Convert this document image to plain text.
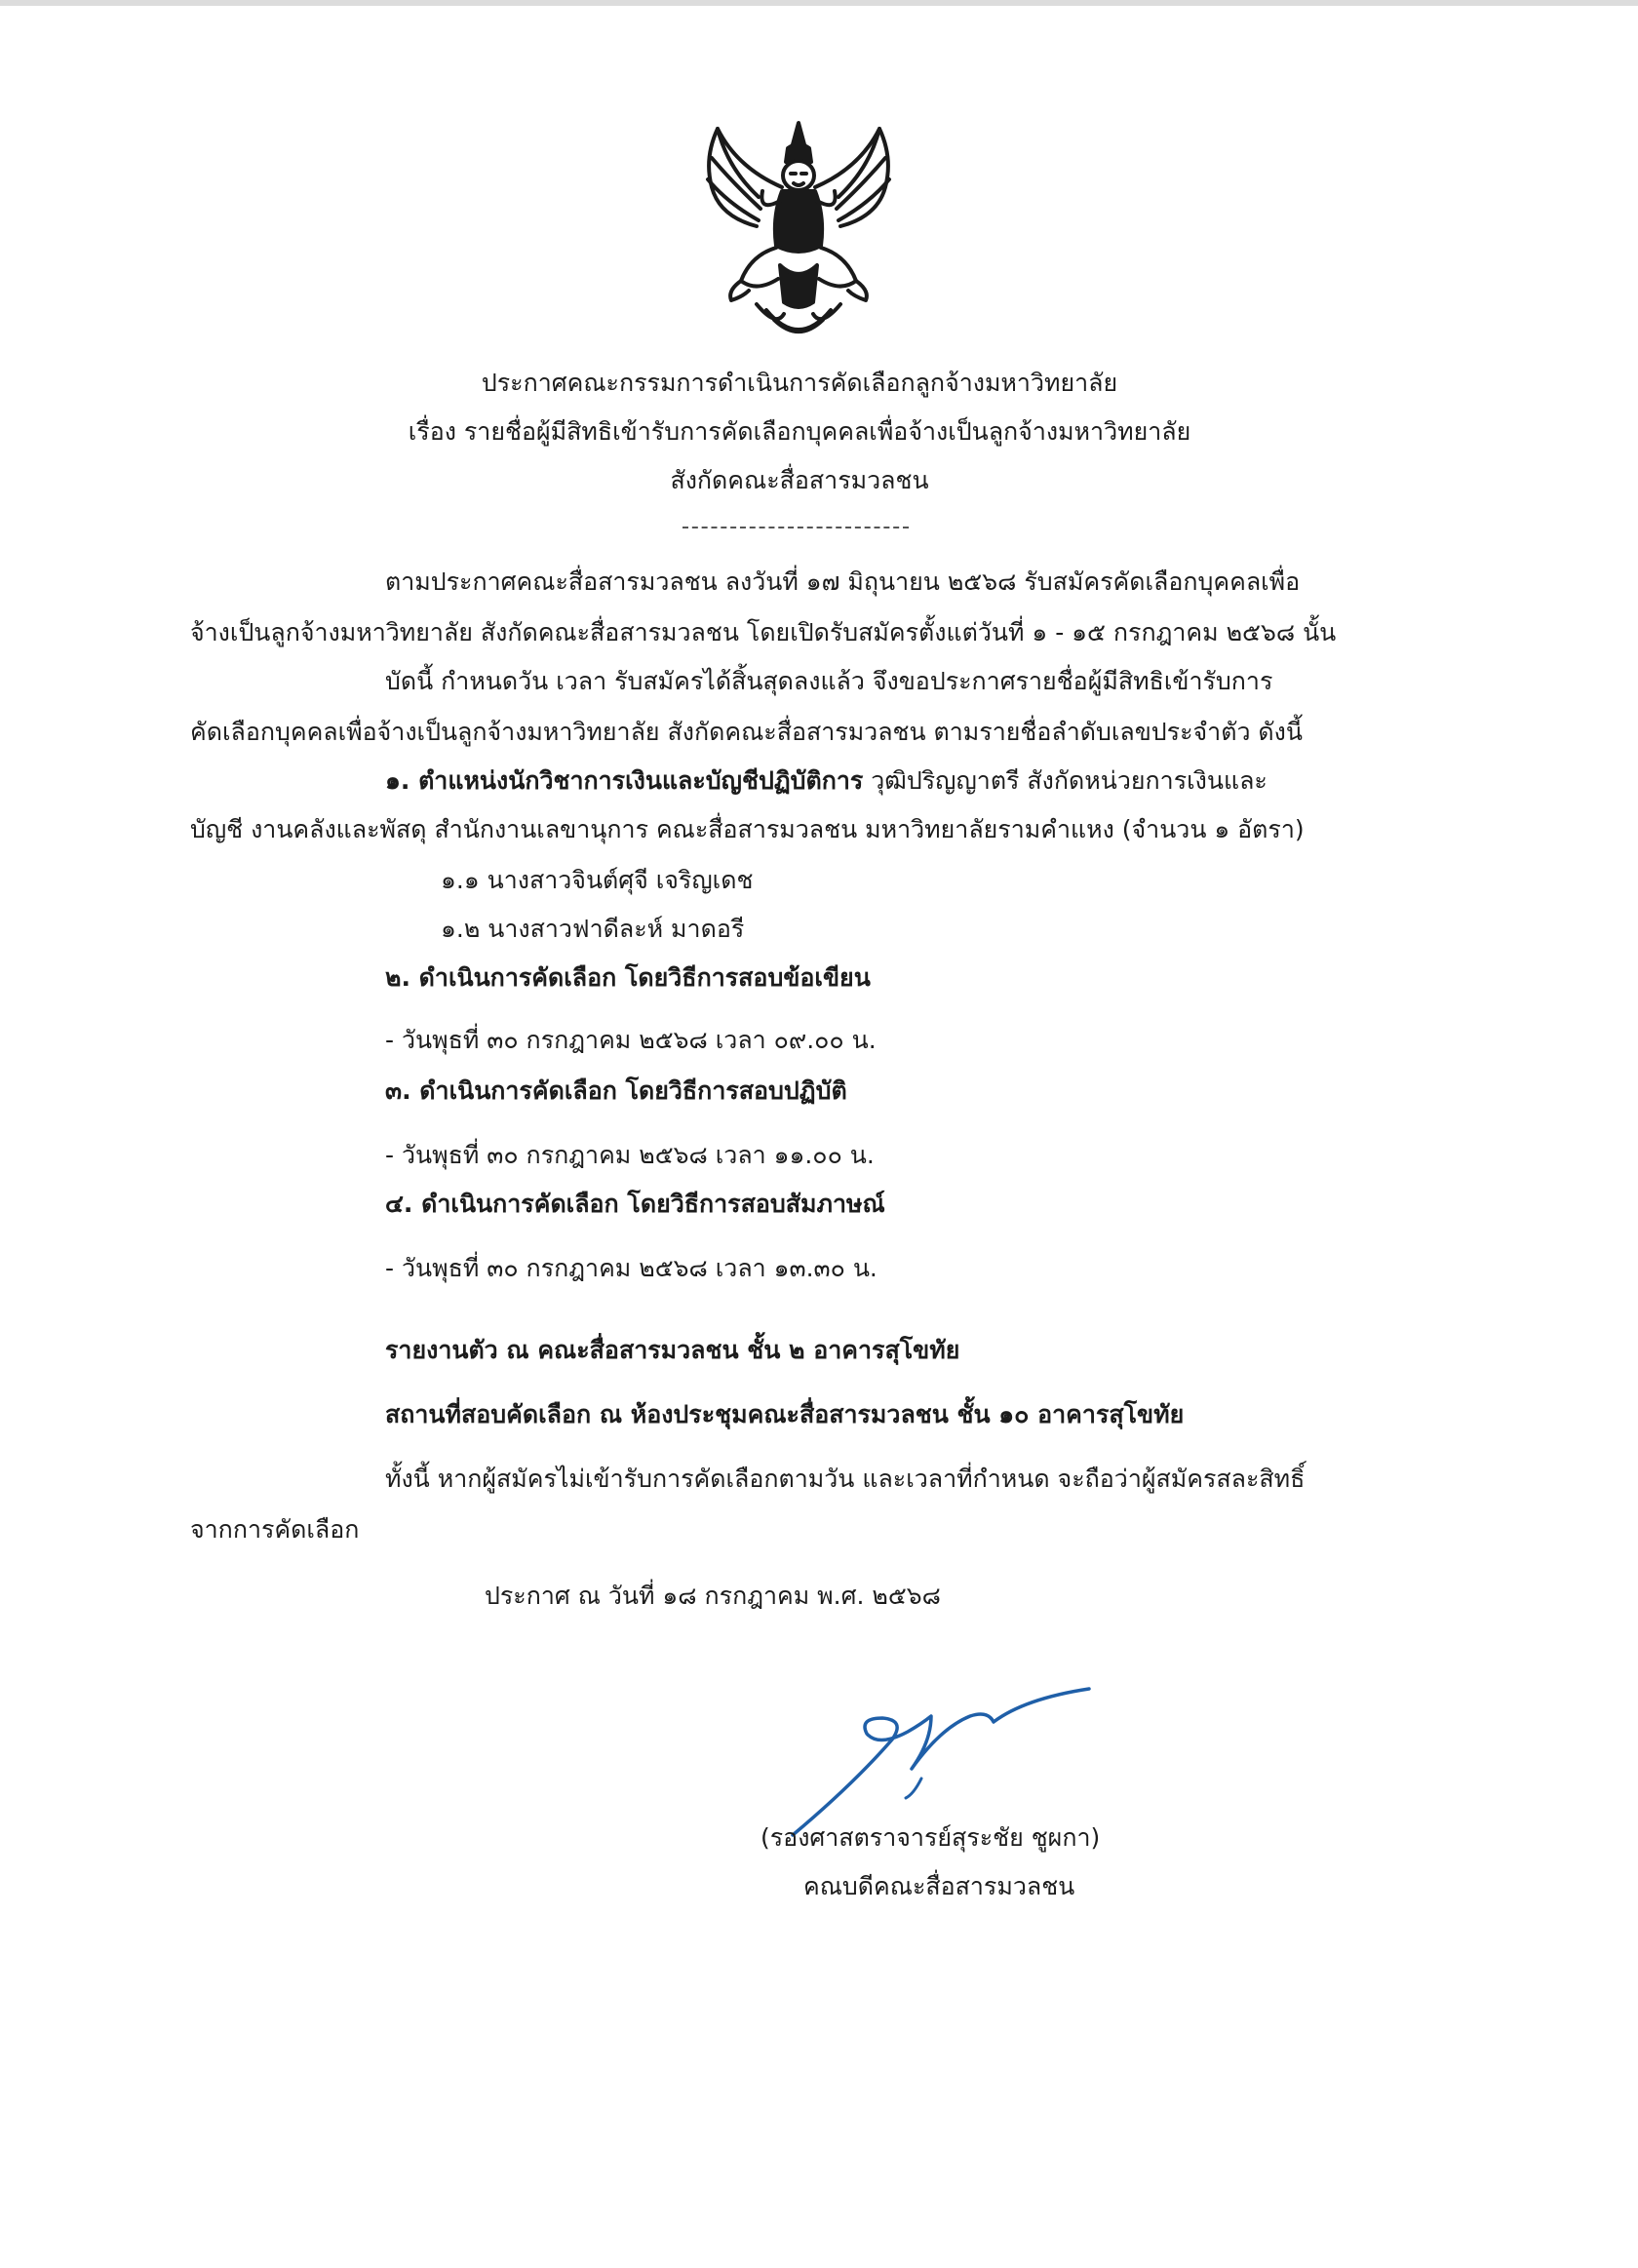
ประกาศคณะกรรมการดำเนินการคัดเลือกลูกจ้างมหาวิทยาลัย
เรื่อง รายชื่อผู้มีสิทธิเข้ารับการคัดเลือกบุคคลเพื่อจ้างเป็นลูกจ้างมหาวิทยาลัย
สังกัดคณะสื่อสารมวลชน
ตามประกาศคณะสื่อสารมวลชน ลงวันที่ ๑๗ มิถุนายน ๒๕๖๘ รับสมัครคัดเลือกบุคคลเพื่อ
จ้างเป็นลูกจ้างมหาวิทยาลัย สังกัดคณะสื่อสารมวลชน โดยเปิดรับสมัครตั้งแต่วันที่ ๑ - ๑๕ กรกฎาคม ๒๕๖๘ นั้น
บัดนี้ กำหนดวัน เวลา รับสมัครได้สิ้นสุดลงแล้ว จึงขอประกาศรายชื่อผู้มีสิทธิเข้ารับการ
คัดเลือกบุคคลเพื่อจ้างเป็นลูกจ้างมหาวิทยาลัย สังกัดคณะสื่อสารมวลชน ตามรายชื่อลำดับเลขประจำตัว ดังนี้
๑. ตำแหน่งนักวิชาการเงินและบัญชีปฏิบัติการ วุฒิปริญญาตรี สังกัดหน่วยการเงินและ
บัญชี งานคลังและพัสดุ สำนักงานเลขานุการ คณะสื่อสารมวลชน มหาวิทยาลัยรามคำแหง (จำนวน ๑ อัตรา)
๑.๑ นางสาวจินต์ศุจี เจริญเดช
๑.๒ นางสาวฟาดีละห์ มาดอรี
๒. ดำเนินการคัดเลือก โดยวิธีการสอบข้อเขียน
- วันพุธที่ ๓๐ กรกฎาคม ๒๕๖๘ เวลา ๐๙.๐๐ น.
๓. ดำเนินการคัดเลือก โดยวิธีการสอบปฏิบัติ
- วันพุธที่ ๓๐ กรกฎาคม ๒๕๖๘ เวลา ๑๑.๐๐ น.
๔. ดำเนินการคัดเลือก โดยวิธีการสอบสัมภาษณ์
- วันพุธที่ ๓๐ กรกฎาคม ๒๕๖๘ เวลา ๑๓.๓๐ น.
รายงานตัว ณ คณะสื่อสารมวลชน ชั้น ๒ อาคารสุโขทัย
สถานที่สอบคัดเลือก ณ ห้องประชุมคณะสื่อสารมวลชน ชั้น ๑๐ อาคารสุโขทัย
ทั้งนี้ หากผู้สมัครไม่เข้ารับการคัดเลือกตามวัน และเวลาที่กำหนด จะถือว่าผู้สมัครสละสิทธิ์
จากการคัดเลือก
ประกาศ ณ วันที่ ๑๘ กรกฎาคม พ.ศ. ๒๕๖๘
(รองศาสตราจารย์สุระชัย ชูผกา)
คณบดีคณะสื่อสารมวลชน
